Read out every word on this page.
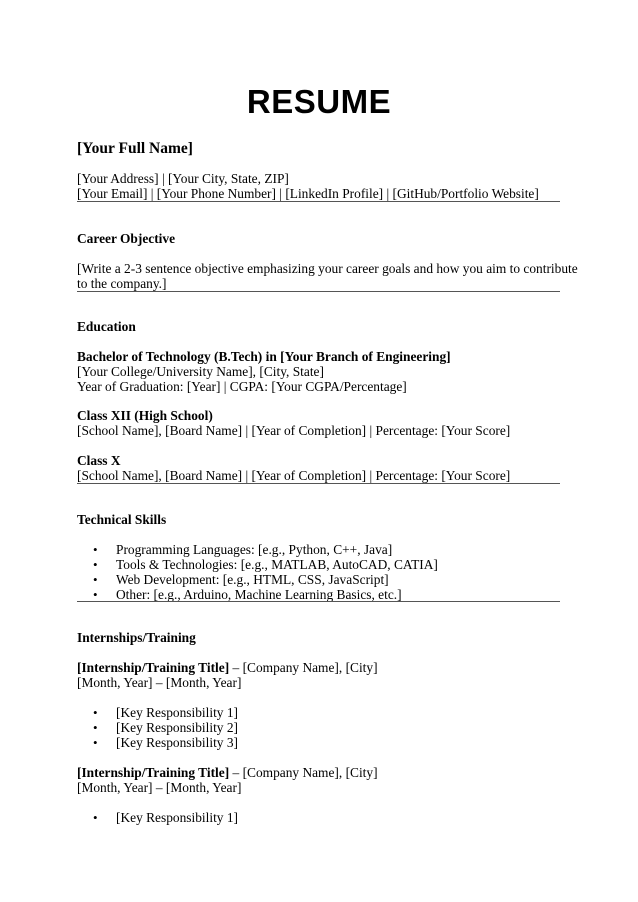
RESUME
[Your Full Name]
[Your Address] | [Your City, State, ZIP]
[Your Email] | [Your Phone Number] | [LinkedIn Profile] | [GitHub/Portfolio Website]
Career Objective
[Write a 2-3 sentence objective emphasizing your career goals and how you aim to contribute
to the company.]
Education
Bachelor of Technology (B.Tech) in [Your Branch of Engineering]
[Your College/University Name], [City, State]
Year of Graduation: [Year] | CGPA: [Your CGPA/Percentage]
Class XII (High School)
[School Name], [Board Name] | [Year of Completion] | Percentage: [Your Score]
Class X
[School Name], [Board Name] | [Year of Completion] | Percentage: [Your Score]
Technical Skills
• Programming Languages: [e.g., Python, C++, Java]
• Tools & Technologies: [e.g., MATLAB, AutoCAD, CATIA]
• Web Development: [e.g., HTML, CSS, JavaScript]
• Other: [e.g., Arduino, Machine Learning Basics, etc.]
Internships/Training
[Internship/Training Title] – [Company Name], [City]
[Month, Year] – [Month, Year]
• [Key Responsibility 1]
• [Key Responsibility 2]
• [Key Responsibility 3]
[Internship/Training Title] – [Company Name], [City]
[Month, Year] – [Month, Year]
• [Key Responsibility 1]
